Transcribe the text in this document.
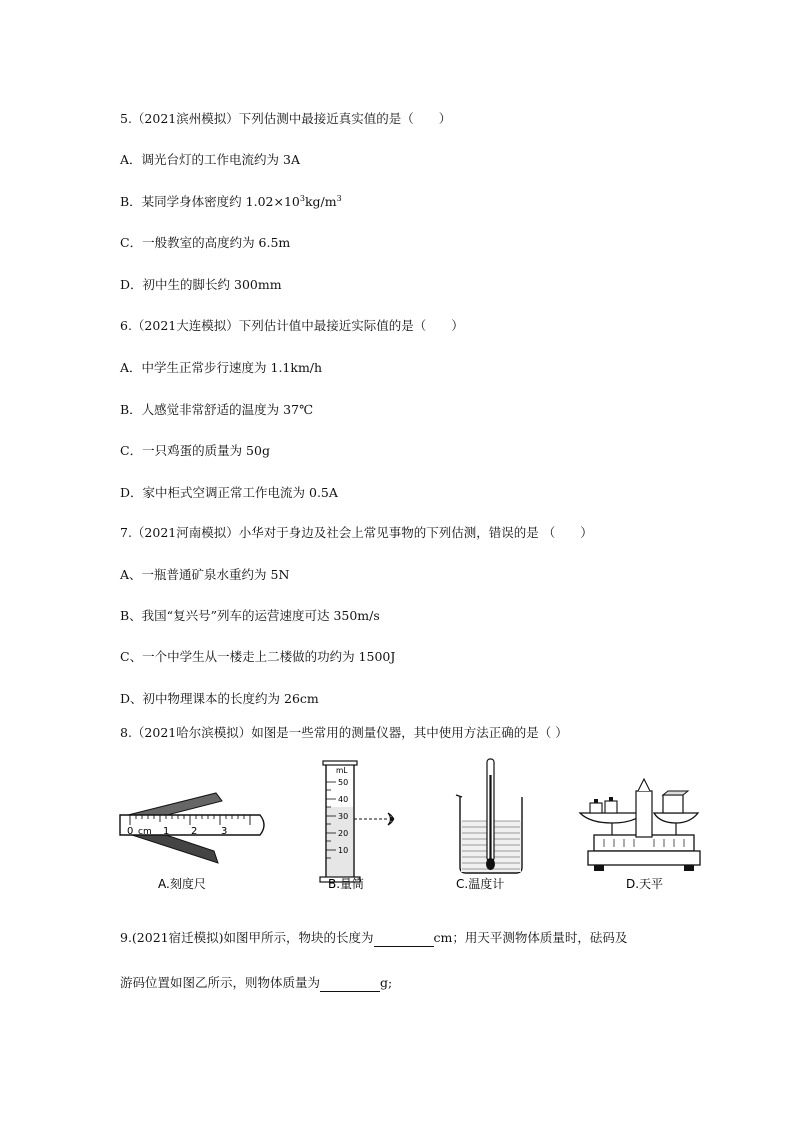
5.（2021滨州模拟）下列估测中最接近真实值的是（　　）
A．调光台灯的工作电流约为 3A
B．某同学身体密度约 $1.02\times 10^3kg/m^3$
C．一般教室的高度约为 6.5m
D．初中生的脚长约 300mm
6.（2021大连模拟）下列估计值中最接近实际值的是（　　）
A．中学生正常步行速度为 1.1km/h
B．人感觉非常舒适的温度为 37℃
C．一只鸡蛋的质量为 50g
D．家中柜式空调正常工作电流为 0.5A
7.（2021河南模拟）小华对于身边及社会上常见事物的下列估测，错误的是 （　　）
A、一瓶普通矿泉水重约为 5N
B、我国“复兴号”列车的运营速度可达 350m/s
C、一个中学生从一楼走上二楼做的功约为 1500J
D、初中物理课本的长度约为 26cm
8.（2021哈尔滨模拟）如图是一些常用的测量仪器，其中使用方法正确的是（ ）
0 cm 1 2 3
A.刻度尺
mL
50
40
30
20
10
B.量筒	C.温度计	D.天平
9.(2021宿迁模拟)如图甲所示，物块的长度为	cm；用天平测物体质量时，砝码及
游码位置如图乙所示，则物体质量为	g;
